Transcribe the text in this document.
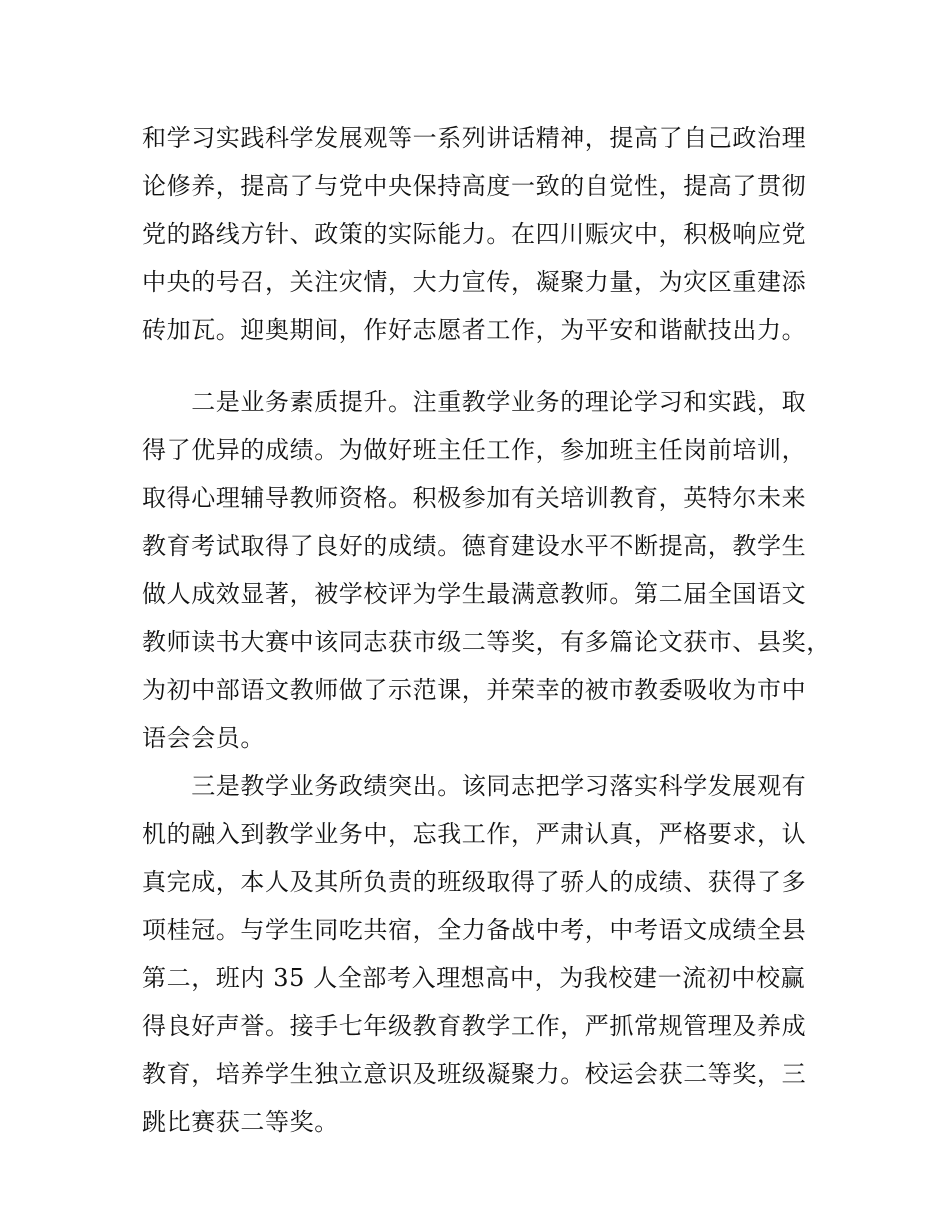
和学习实践科学发展观等一系列讲话精神，提高了自己政治理
论修养，提高了与党中央保持高度一致的自觉性，提高了贯彻
党的路线方针、政策的实际能力。在四川赈灾中，积极响应党
中央的号召，关注灾情，大力宣传，凝聚力量，为灾区重建添
砖加瓦。迎奥期间，作好志愿者工作，为平安和谐献技出力。
　　二是业务素质提升。注重教学业务的理论学习和实践，取
得了优异的成绩。为做好班主任工作，参加班主任岗前培训，
取得心理辅导教师资格。积极参加有关培训教育，英特尔未来
教育考试取得了良好的成绩。德育建设水平不断提高，教学生
做人成效显著，被学校评为学生最满意教师。第二届全国语文
教师读书大赛中该同志获市级二等奖，有多篇论文获市、县奖，
为初中部语文教师做了示范课，并荣幸的被市教委吸收为市中
语会会员。
　　三是教学业务政绩突出。该同志把学习落实科学发展观有
机的融入到教学业务中，忘我工作，严肃认真，严格要求，认
真完成，本人及其所负责的班级取得了骄人的成绩、获得了多
项桂冠。与学生同吃共宿，全力备战中考，中考语文成绩全县
第二，班内 35 人全部考入理想高中，为我校建一流初中校赢
得良好声誉。接手七年级教育教学工作，严抓常规管理及养成
教育，培养学生独立意识及班级凝聚力。校运会获二等奖，三
跳比赛获二等奖。
